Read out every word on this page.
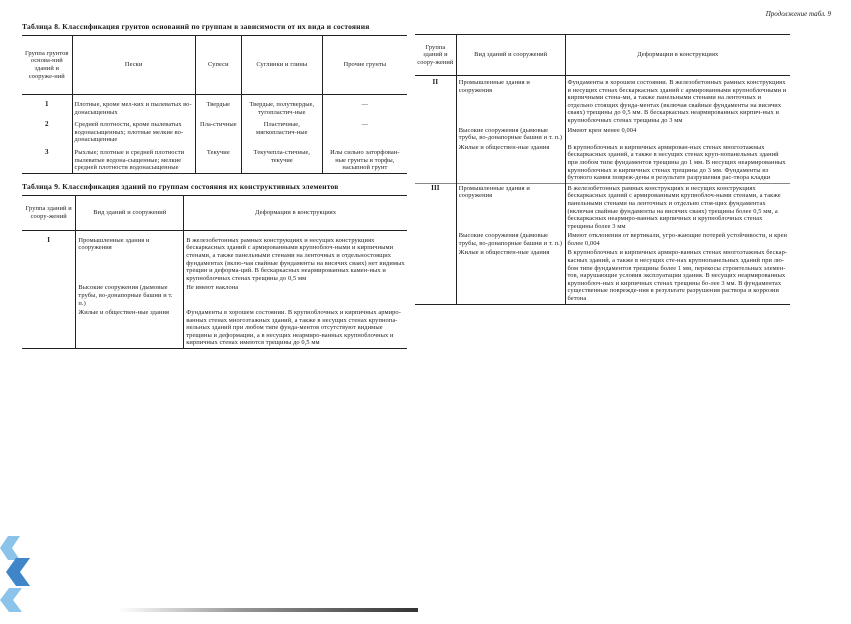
Таблица 8. Классификация грунтов оснований по группам в зависимости от их вида и состояния
Группа грунтов основа-ний зданий и сооруже-ний	Пески	Супеси	Суглинки и глины	Прочие грунты
1	Плотные, кроме мел-ких и пылеватых во-донасыщенных	Твердые	Твердые, полутвердые, тугопластич-ные	—
2	Средней плотности, кроме пылеватых водонасыщенных; плотные мелкие во-донасыщенные	Пла-стичные	Пластичные, мягкопластич-ные	—
3	Рыхлые; плотные и средней плотности пылеватые водона-сыщенные; мелкие средней плотности водонасыщенные	Текучие	Текучепла-стичные, текучие	Илы сильно заторфован-ные грунты и торфы, насыпной грунт
Таблица 9. Классификация зданий по группам состояния их конструктивных элементов
Группа зданий и соору-жений	Вид зданий и сооружений	Деформации в конструкциях
I	Промышленные здания и сооружения	В железобетонных рамных конструкциях и несущих конструкциях бескаркасных зданий с армированными крупноблоч-ными и кирпичными стенами, а также панельными стенами на ленточных и отдельностоящих фундаментах (вклю-чая свайные фундаменты на висячих сваях) нет видимых трещин и деформа-ций. В бескаркасных неармированных камен-ных и крупноблочных стенах трещины до 0,5 мм
	Высокие сооружения (дымовые трубы, во-донапорные башни и т. п.)	Не имеют наклона
	Жилые и обществен-ные здания	Фундаменты в хорошем состоянии. В крупноблочных и кирпичных армиро-ванных стенах многоэтажных зданий, а также в несущих стенах крупнопа-нельных зданий при любом типе фунда-ментов отсутствуют видимые трещины и деформации, а в несущих неармиро-ванных крупноблочных и кирпичных стенах имеются трещины до 0,5 мм
Продолжение табл. 9
Группа зданий и соору-жений	Вид зданий и сооружений	Деформации в конструкциях
II	Промышленные здания и сооружения	Фундаменты в хорошем состоянии. В железобетонных рамных конструкциях и несущих стенах бескаркасных зданий с армированными крупноблочными и кирпичными стена-ми, а также панельными стенами на ленточных и отдельно стоящих фунда-ментах (включая свайные фундаменты на висячих сваях) трещины до 0,5 мм. В бескаркасных неармированных кирпич-ных и крупноблочных стенах трещины до 3 мм
	Высокие сооружения (дымовые трубы, во-донапорные башни и т. п.)	Имеют крен менее 0,004
	Жилые и обществен-ные здания	В крупноблочных и кирпичных армирован-ных стенах многоэтажных бескаркасных зданий, а также в несущих стенах круп-нопанельных зданий при любом типе фундаментов трещины до 1 мм. В несущих неармированных крупноблочных и кирпичных стенах трещины до 3 мм. Фундаменты из бутового камня повреж-дены в результате разрушения рас-твора кладки
III	Промышленные здания и сооружения	В железобетонных рамных конструкциях и несущих конструкциях бескаркасных зданий с армированными крупноблоч-ными стенами, а также панельными стенами на ленточных и отдельно стоя-щих фундаментах (включая свайные фундаменты на висячих сваях) трещины более 0,5 мм, а бескаркасных неармиро-ванных кирпичных и крупноблочных стенах трещины более 3 мм
	Высокие сооружения (дымовые трубы, во-донапорные башни и т. п.)	Имеют отклонения от вертикали, угро-жающие потерей устойчивости, и крен более 0,004
	Жилые и обществен-ные здания	В крупноблочных и кирпичных армиро-ванных стенах многоэтажных бескар-касных зданий, а также в несущих сте-нах крупнопанельных зданий при лю-бом типе фундаментов трещины более 1 мм, перекосы строительных элемен-тов, нарушающие условия эксплуатации здания. В несущих неармированных крупноблоч-ных и кирпичных стенах трещины бо-лее 3 мм. В фундаментах существенные поврежде-ния в результате разрушения раствора и коррозии бетона
